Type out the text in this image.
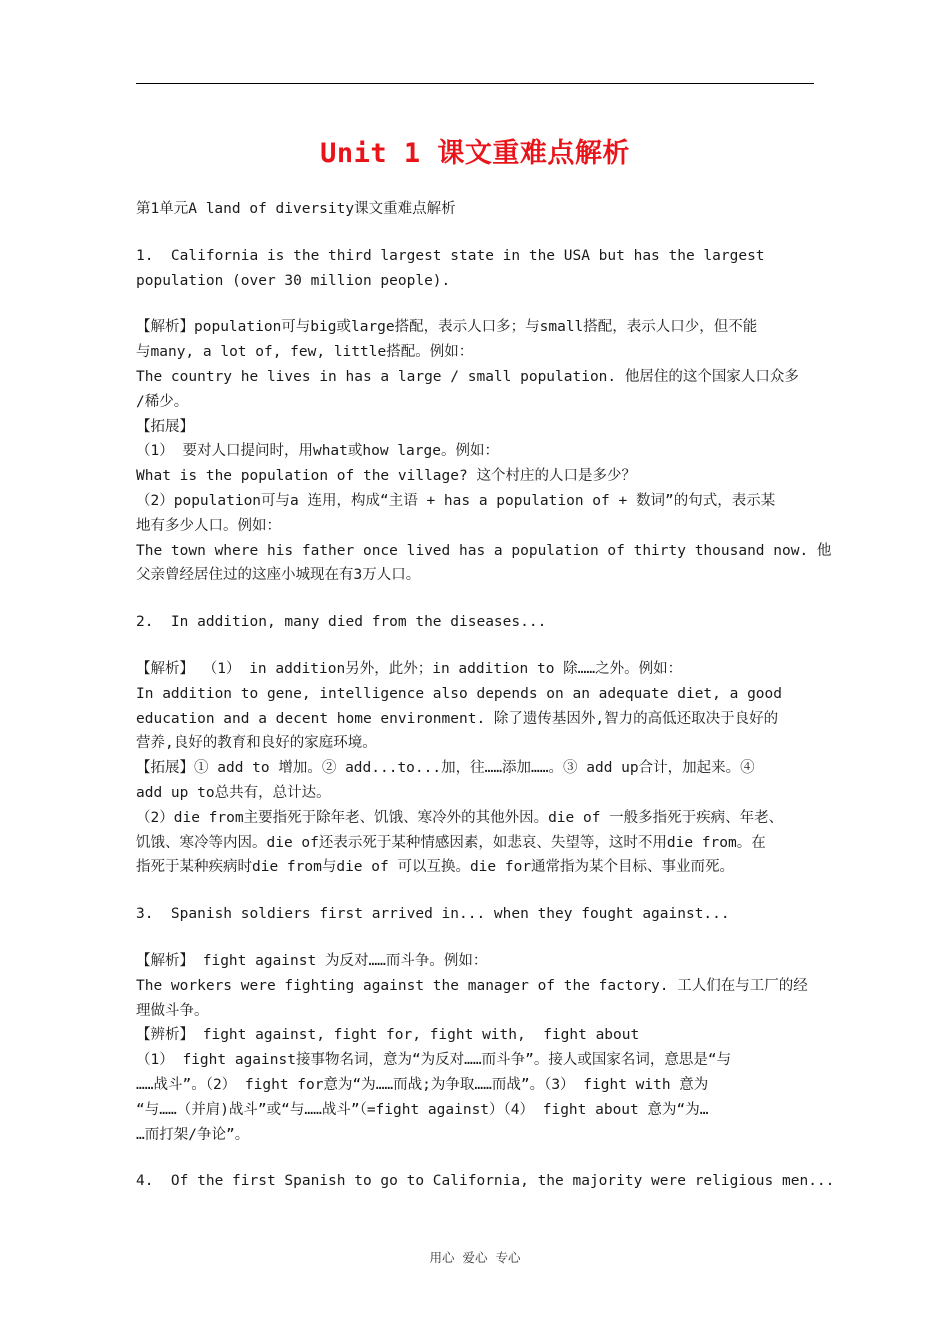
Unit 1 课文重难点解析
第1单元A land of diversity课文重难点解析
1.  California is the third largest state in the USA but has the largest
population (over 30 million people).
【解析】population可与big或large搭配，表示人口多；与small搭配，表示人口少，但不能
与many, a lot of, few, little搭配。例如：
The country he lives in has a large / small population. 他居住的这个国家人口众多
/稀少。
【拓展】
（1） 要对人口提问时，用what或how large。例如：
What is the population of the village? 这个村庄的人口是多少？
（2）population可与a 连用，构成“主语 + has a population of + 数词”的句式，表示某
地有多少人口。例如：
The town where his father once lived has a population of thirty thousand now. 他
父亲曾经居住过的这座小城现在有3万人口。
2.  In addition, many died from the diseases...
【解析】 （1） in addition另外，此外；in addition to 除……之外。例如：
In addition to gene, intelligence also depends on an adequate diet, a good
education and a decent home environment. 除了遗传基因外,智力的高低还取决于良好的
营养,良好的教育和良好的家庭环境。
【拓展】① add to 增加。② add...to...加，往……添加……。③ add up合计，加起来。④
add up to总共有，总计达。
（2）die from主要指死于除年老、饥饿、寒冷外的其他外因。die of 一般多指死于疾病、年老、
饥饿、寒冷等内因。die of还表示死于某种情感因素，如悲哀、失望等，这时不用die from。在
指死于某种疾病时die from与die of 可以互换。die for通常指为某个目标、事业而死。
3.  Spanish soldiers first arrived in... when they fought against...
【解析】 fight against 为反对……而斗争。例如：
The workers were fighting against the manager of the factory. 工人们在与工厂的经
理做斗争。
【辨析】 fight against, fight for, fight with,  fight about
（1） fight against接事物名词，意为“为反对……而斗争”。接人或国家名词，意思是“与
……战斗”。（2） fight for意为“为……而战;为争取……而战”。（3） fight with 意为
“与……（并肩)战斗”或“与……战斗”（=fight against）（4） fight about 意为“为…
…而打架/争论”。
4.  Of the first Spanish to go to California, the majority were religious men...
用心  爱心  专心
